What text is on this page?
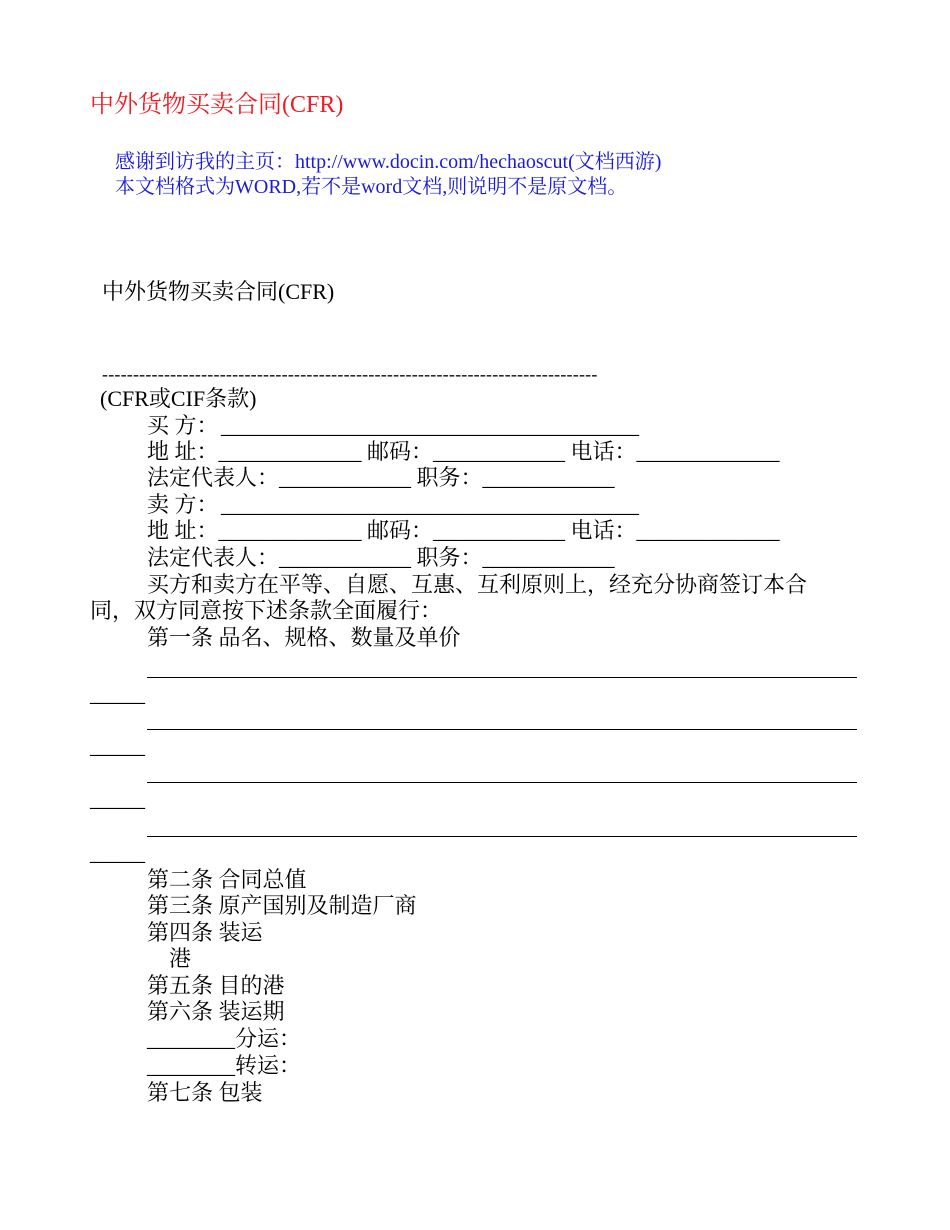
中外货物买卖合同(CFR)
感谢到访我的主页：http://www.docin.com/hechaoscut(文档西游)
本文档格式为WORD,若不是word文档,则说明不是原文档。
中外货物买卖合同(CFR)
--------------------------------------------------------------------------------
(CFR或CIF条款)
买 方： ______________________________________
地 址：_____________ 邮码：____________ 电话：_____________
法定代表人：____________ 职务：____________
卖 方： ______________________________________
地 址：_____________ 邮码：____________ 电话：_____________
法定代表人：____________ 职务：____________
买方和卖方在平等、自愿、互惠、互利原则上，经充分协商签订本合
同，双方同意按下述条款全面履行：
第一条 品名、规格、数量及单价
_____
_____
_____
_____
第二条 合同总值
第三条 原产国别及制造厂商
第四条 装运
港
第五条 目的港
第六条 装运期
________分运：
________转运：
第七条 包装
